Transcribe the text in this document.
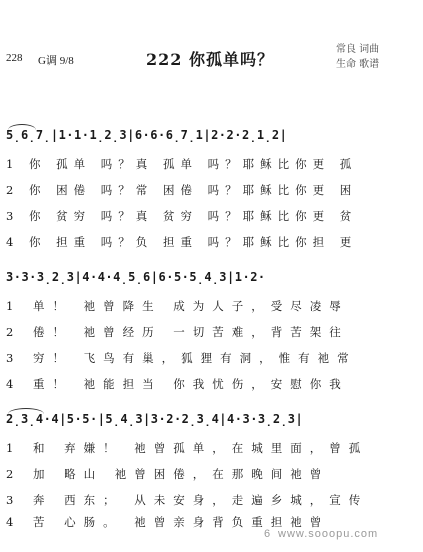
228 G调 9/8	222 你孤单吗？
常良 词曲
生命 歌谱
5̣6̣7̣|1·1·1̣2̣3|6·6·6̣7̣1|2·2·2̣1̣2|
1 你 孤单 吗？真 孤单 吗？耶稣比你更 孤
2 你 困倦 吗？常 困倦 吗？耶稣比你更 困
3 你 贫穷 吗？真 贫穷 吗？耶稣比你更 贫
4 你 担重 吗？负 担重 吗？耶稣比你担 更
3·3·3̣2̣3|4·4·4̣5̣6|6·5·5̣4̣3|1·2·
1 单！ 祂曾降生 成为人子，受尽凌辱
2 倦！ 祂曾经历 一切苦难，背苦架往
3 穷！ 飞鸟有巢，狐狸有洞，惟有祂常
4 重！ 祂能担当 你我忧伤，安慰你我
2̣3̣4·4|5·5·|5̣4̣3|3·2·2̣3̣4|4·3·3̣2̣3|
1 和 弃嫌！ 祂曾孤单，在城里面，曾孤
2 加 略山 祂曾困倦，在那晚间祂曾
3 奔 西东； 从未安身，走遍乡城，宣传
4 苦 心肠。 祂曾亲身背负重担祂曾
6 www.sooopu.com
